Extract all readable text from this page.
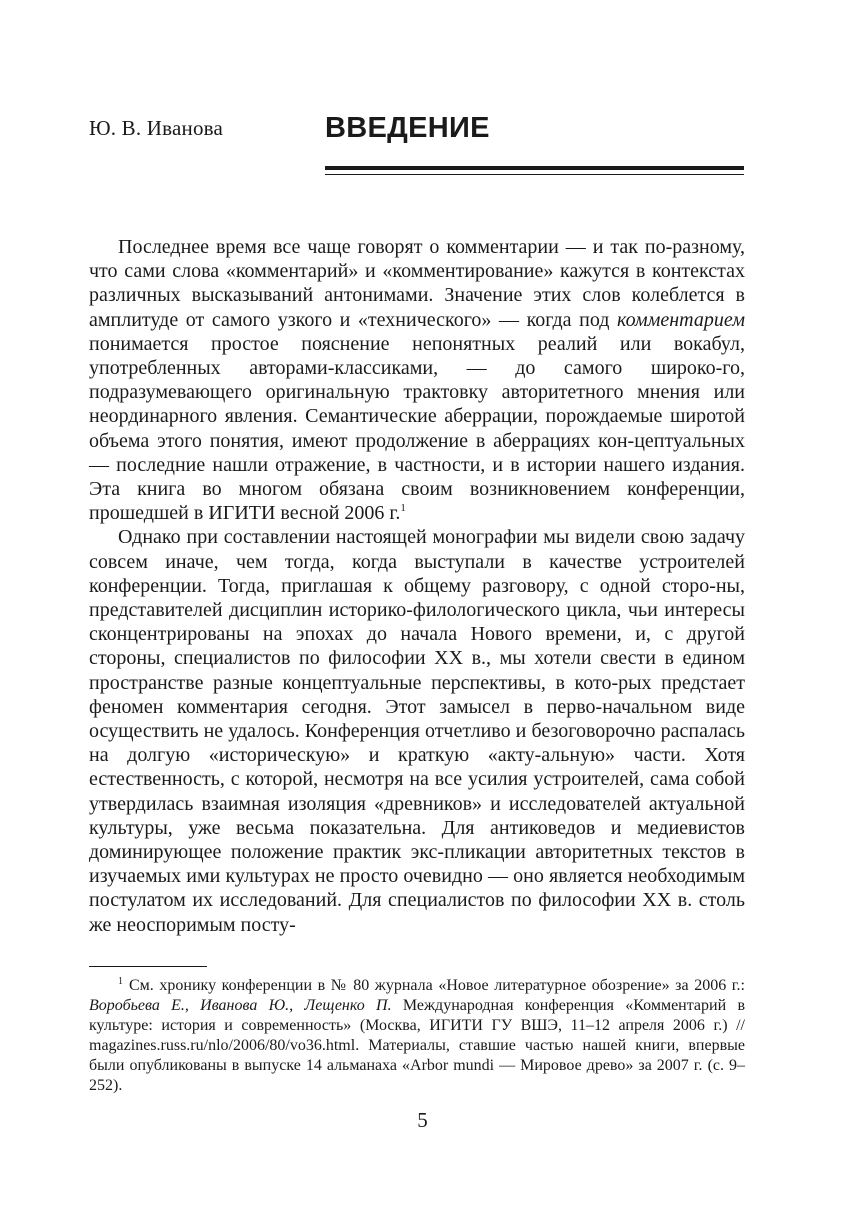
Ю. В. Иванова	ВВЕДЕНИЕ

Последнее время все чаще говорят о комментарии — и так по-разному, что сами слова «комментарий» и «комментирование» кажутся в контекстах различных высказываний антонимами. Значение этих слов колеблется в амплитуде от самого узкого и «технического» — когда под комментарием понимается простое пояснение непонятных реалий или вокабул, употребленных авторами-классиками, — до самого широко-го, подразумевающего оригинальную трактовку авторитетного мнения или неординарного явления. Семантические аберрации, порождаемые широтой объема этого понятия, имеют продолжение в аберрациях кон-цептуальных — последние нашли отражение, в частности, и в истории нашего издания. Эта книга во многом обязана своим возникновением конференции, прошедшей в ИГИТИ весной 2006 г.$^1$

Однако при составлении настоящей монографии мы видели свою задачу совсем иначе, чем тогда, когда выступали в качестве устроителей конференции. Тогда, приглашая к общему разговору, с одной сторо-ны, представителей дисциплин историко-филологического цикла, чьи интересы сконцентрированы на эпохах до начала Нового времени, и, с другой стороны, специалистов по философии XX в., мы хотели свести в едином пространстве разные концептуальные перспективы, в кото-рых предстает феномен комментария сегодня. Этот замысел в перво-начальном виде осуществить не удалось. Конференция отчетливо и безоговорочно распалась на долгую «историческую» и краткую «акту-альную» части. Хотя естественность, с которой, несмотря на все усилия устроителей, сама собой утвердилась взаимная изоляция «древников» и исследователей актуальной культуры, уже весьма показательна. Для антиковедов и медиевистов доминирующее положение практик экс-пликации авторитетных текстов в изучаемых ими культурах не просто очевидно — оно является необходимым постулатом их исследований. Для специалистов по философии XX в. столь же неоспоримым посту-

$^1$ См. хронику конференции в № 80 журнала «Новое литературное обозрение» за 2006 г.: Воробьева Е., Иванова Ю., Лещенко П. Международная конференция «Комментарий в культуре: история и современность» (Москва, ИГИТИ ГУ ВШЭ, 11–12 апреля 2006 г.) // magazines.russ.ru/nlo/2006/80/vo36.html. Материалы, ставшие частью нашей книги, впервые были опубликованы в выпуске 14 альманаха «Arbor mundi — Мировое древо» за 2007 г. (с. 9–252).

5
